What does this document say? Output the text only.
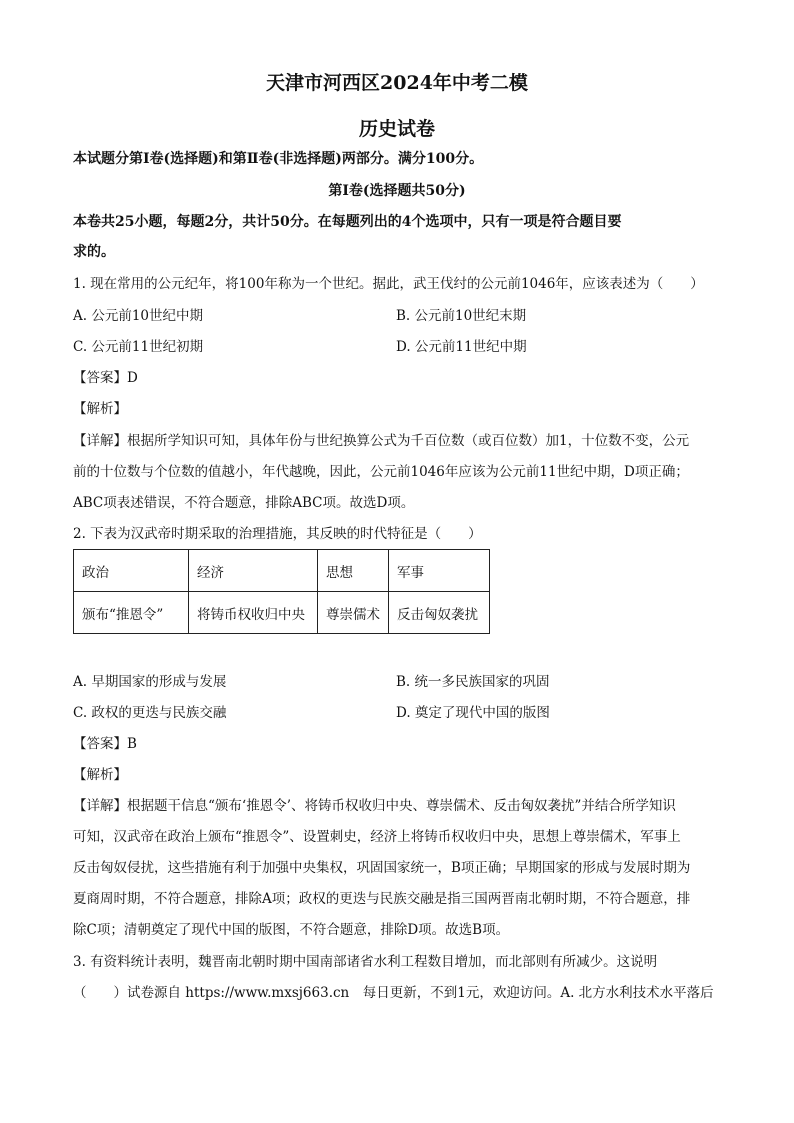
天津市河西区2024年中考二模
历史试卷
本试题分第Ⅰ卷(选择题)和第Ⅱ卷(非选择题)两部分。满分100分。
第Ⅰ卷(选择题共50分)
本卷共25小题，每题2分，共计50分。在每题列出的4个选项中，只有一项是符合题目要
求的。
1. 现在常用的公元纪年，将100年称为一个世纪。据此，武王伐纣的公元前1046年，应该表述为（　　）
A. 公元前10世纪中期	B. 公元前10世纪末期
C. 公元前11世纪初期	D. 公元前11世纪中期
【答案】D
【解析】
【详解】根据所学知识可知，具体年份与世纪换算公式为千百位数（或百位数）加1，十位数不变，公元
前的十位数与个位数的值越小，年代越晚，因此，公元前1046年应该为公元前11世纪中期，D项正确；
ABC项表述错误，不符合题意，排除ABC项。故选D项。
2. 下表为汉武帝时期采取的治理措施，其反映的时代特征是（　　）
政治	经济	思想	军事
颁布“推恩令”	将铸币权收归中央	尊崇儒术	反击匈奴袭扰
A. 早期国家的形成与发展	B. 统一多民族国家的巩固
C. 政权的更迭与民族交融	D. 奠定了现代中国的版图
【答案】B
【解析】
【详解】根据题干信息“颁布‘推恩令’、将铸币权收归中央、尊崇儒术、反击匈奴袭扰”并结合所学知识
可知，汉武帝在政治上颁布“推恩令”、设置刺史，经济上将铸币权收归中央，思想上尊崇儒术，军事上
反击匈奴侵扰，这些措施有利于加强中央集权，巩固国家统一，B项正确；早期国家的形成与发展时期为
夏商周时期，不符合题意，排除A项；政权的更迭与民族交融是指三国两晋南北朝时期，不符合题意，排
除C项；清朝奠定了现代中国的版图，不符合题意，排除D项。故选B项。
3. 有资料统计表明，魏晋南北朝时期中国南部诸省水利工程数目增加，而北部则有所减少。这说明
（　　）试卷源自 https://www.mxsj663.cn　每日更新，不到1元，欢迎访问。A. 北方水利技术水平落后
